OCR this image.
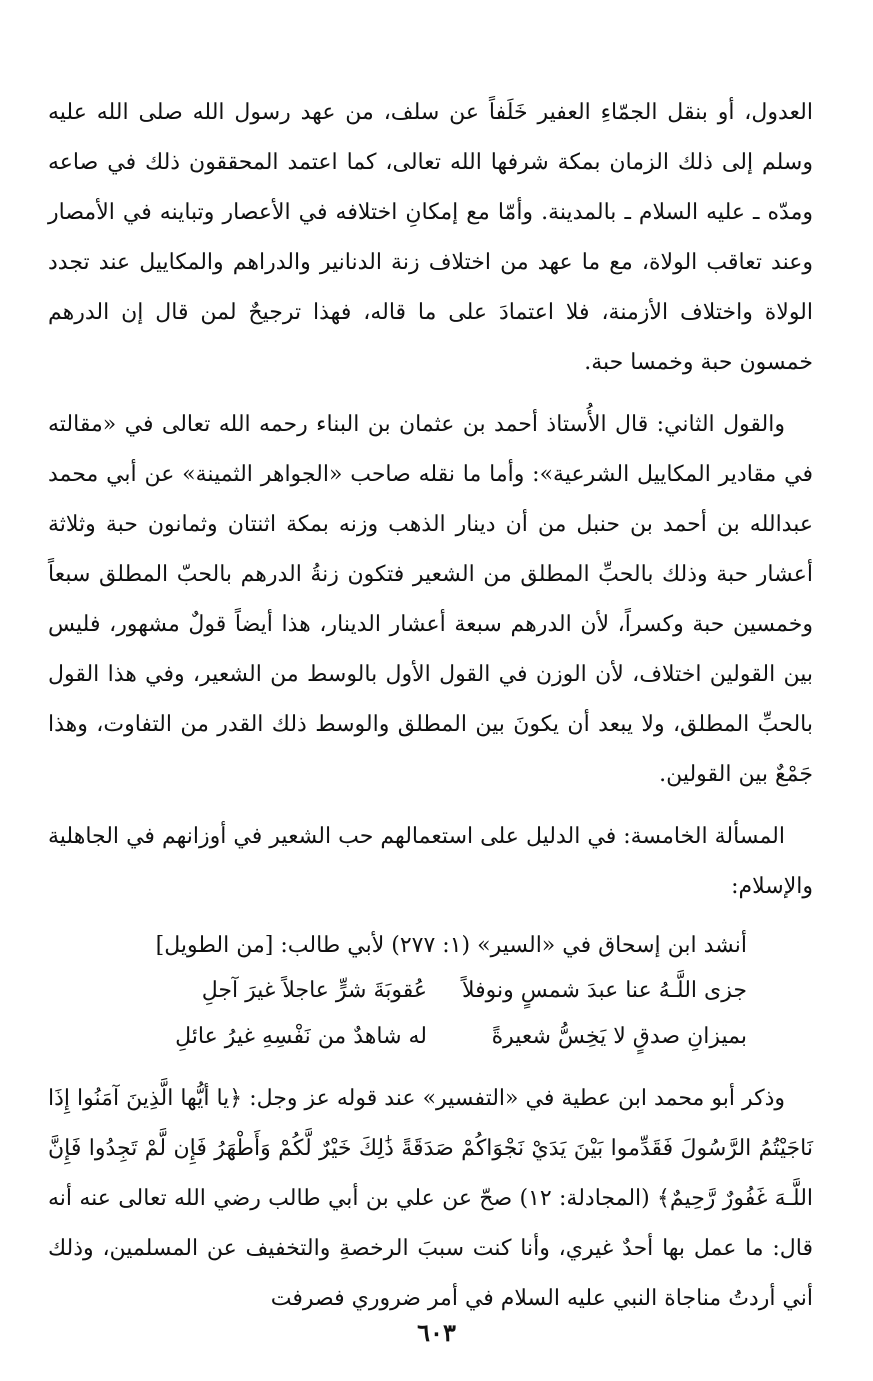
العدول، أو بنقل الجمّاءِ العفير خَلَفاً عن سلف، من عهد رسول الله صلى الله عليه وسلم إلى ذلك الزمان بمكة شرفها الله تعالى، كما اعتمد المحققون ذلك في صاعه ومدّه ـ عليه السلام ـ بالمدينة. وأمّا مع إمكانِ اختلافه في الأعصار وتباينه في الأمصار وعند تعاقب الولاة، مع ما عهد من اختلاف زنة الدنانير والدراهم والمكاييل عند تجدد الولاة واختلاف الأزمنة، فلا اعتمادَ على ما قاله، فهذا ترجيحٌ لمن قال إن الدرهم خمسون حبة وخمسا حبة.

والقول الثاني: قال الأُستاذ أحمد بن عثمان بن البناء رحمه الله تعالى في «مقالته في مقادير المكاييل الشرعية»: وأما ما نقله صاحب «الجواهر الثمينة» عن أبي محمد عبدالله بن أحمد بن حنبل من أن دينار الذهب وزنه بمكة اثنتان وثمانون حبة وثلاثة أعشار حبة وذلك بالحبِّ المطلق من الشعير فتكون زنةُ الدرهم بالحبّ المطلق سبعاً وخمسين حبة وكسراً، لأن الدرهم سبعة أعشار الدينار، هذا أيضاً قولٌ مشهور، فليس بين القولين اختلاف، لأن الوزن في القول الأول بالوسط من الشعير، وفي هذا القول بالحبِّ المطلق، ولا يبعد أن يكونَ بين المطلق والوسط ذلك القدر من التفاوت، وهذا جَمْعٌ بين القولين.

المسألة الخامسة: في الدليل على استعمالهم حب الشعير في أوزانهم في الجاهلية والإسلام:

أنشد ابن إسحاق في «السير» (١: ٢٧٧) لأبي طالب: [من الطويل]
جزى اللَّـهُ عنا عبدَ شمسٍ ونوفلاً
عُقوبَةَ شرٍّ عاجلاً غيرَ آجلِ
بميزانِ صدقٍ لا يَخِسُّ شعيرةً
له شاهدٌ من نَفْسِهِ غيرُ عائلِ

وذكر أبو محمد ابن عطية في «التفسير» عند قوله عز وجل: ﴿يا أيُّها الَّذِينَ آمَنُوا إِذَا نَاجَيْتُمُ الرَّسُولَ فَقَدِّموا بَيْنَ يَدَيْ نَجْوَاكُمْ صَدَقَةً ذَٰلِكَ خَيْرٌ لَّكُمْ وَأَطْهَرُ فَإِن لَّمْ تَجِدُوا فَإِنَّ اللَّـهَ غَفُورٌ رَّحِيمٌ﴾ (المجادلة: ١٢) صحّ عن علي بن أبي طالب رضي الله تعالى عنه أنه قال: ما عمل بها أحدٌ غيري، وأنا كنت سببَ الرخصةِ والتخفيف عن المسلمين، وذلك أني أردتُ مناجاة النبي عليه السلام في أمر ضروري فصرفت

٦٠٣
